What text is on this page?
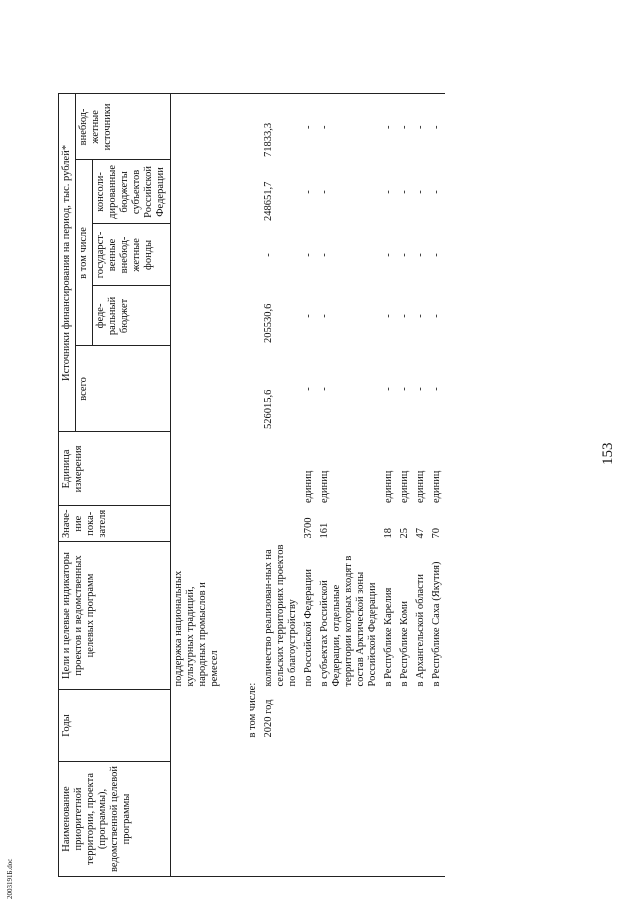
153
2003191Б.doc
Наименование приоритетной территории, проекта (программы), ведомственной целевой программы	Годы	Цели и целевые индикаторы проектов и ведомственных целевых программ	Значе-ние пока-зателя	Единица измерения	Источники финансирования на период, тыс. рублей*				
					всего	в том числе			внебюд-жетные источники
						феде-ральный бюджет	государст-венные внебюд-жетные фонды	консоли-дированные бюджеты субъектов Российской Федерации	
		поддержка национальных культурных традиций, народных промыслов и ремесел							
	в том числе:								
	2020 год	количество реализован-ных на сельских территориях проектов по благоустройству			526015,6	205530,6	-	248651,7	71833,3
		по Российской Федерации	3700	единиц	-	-	-	-	-
		в субъектах Российской Федерации, отдельные территории которых входят в состав Арктической зоны Российской Федерации	161	единиц	-	-	-	-	-
		в Республике Карелия	18	единиц	-	-	-	-	-
		в Республике Коми	25	единиц	-	-	-	-	-
		в Архангельской области	47	единиц	-	-	-	-	-
		в Республике Саха (Якутия)	70	единиц	-	-	-	-	-
